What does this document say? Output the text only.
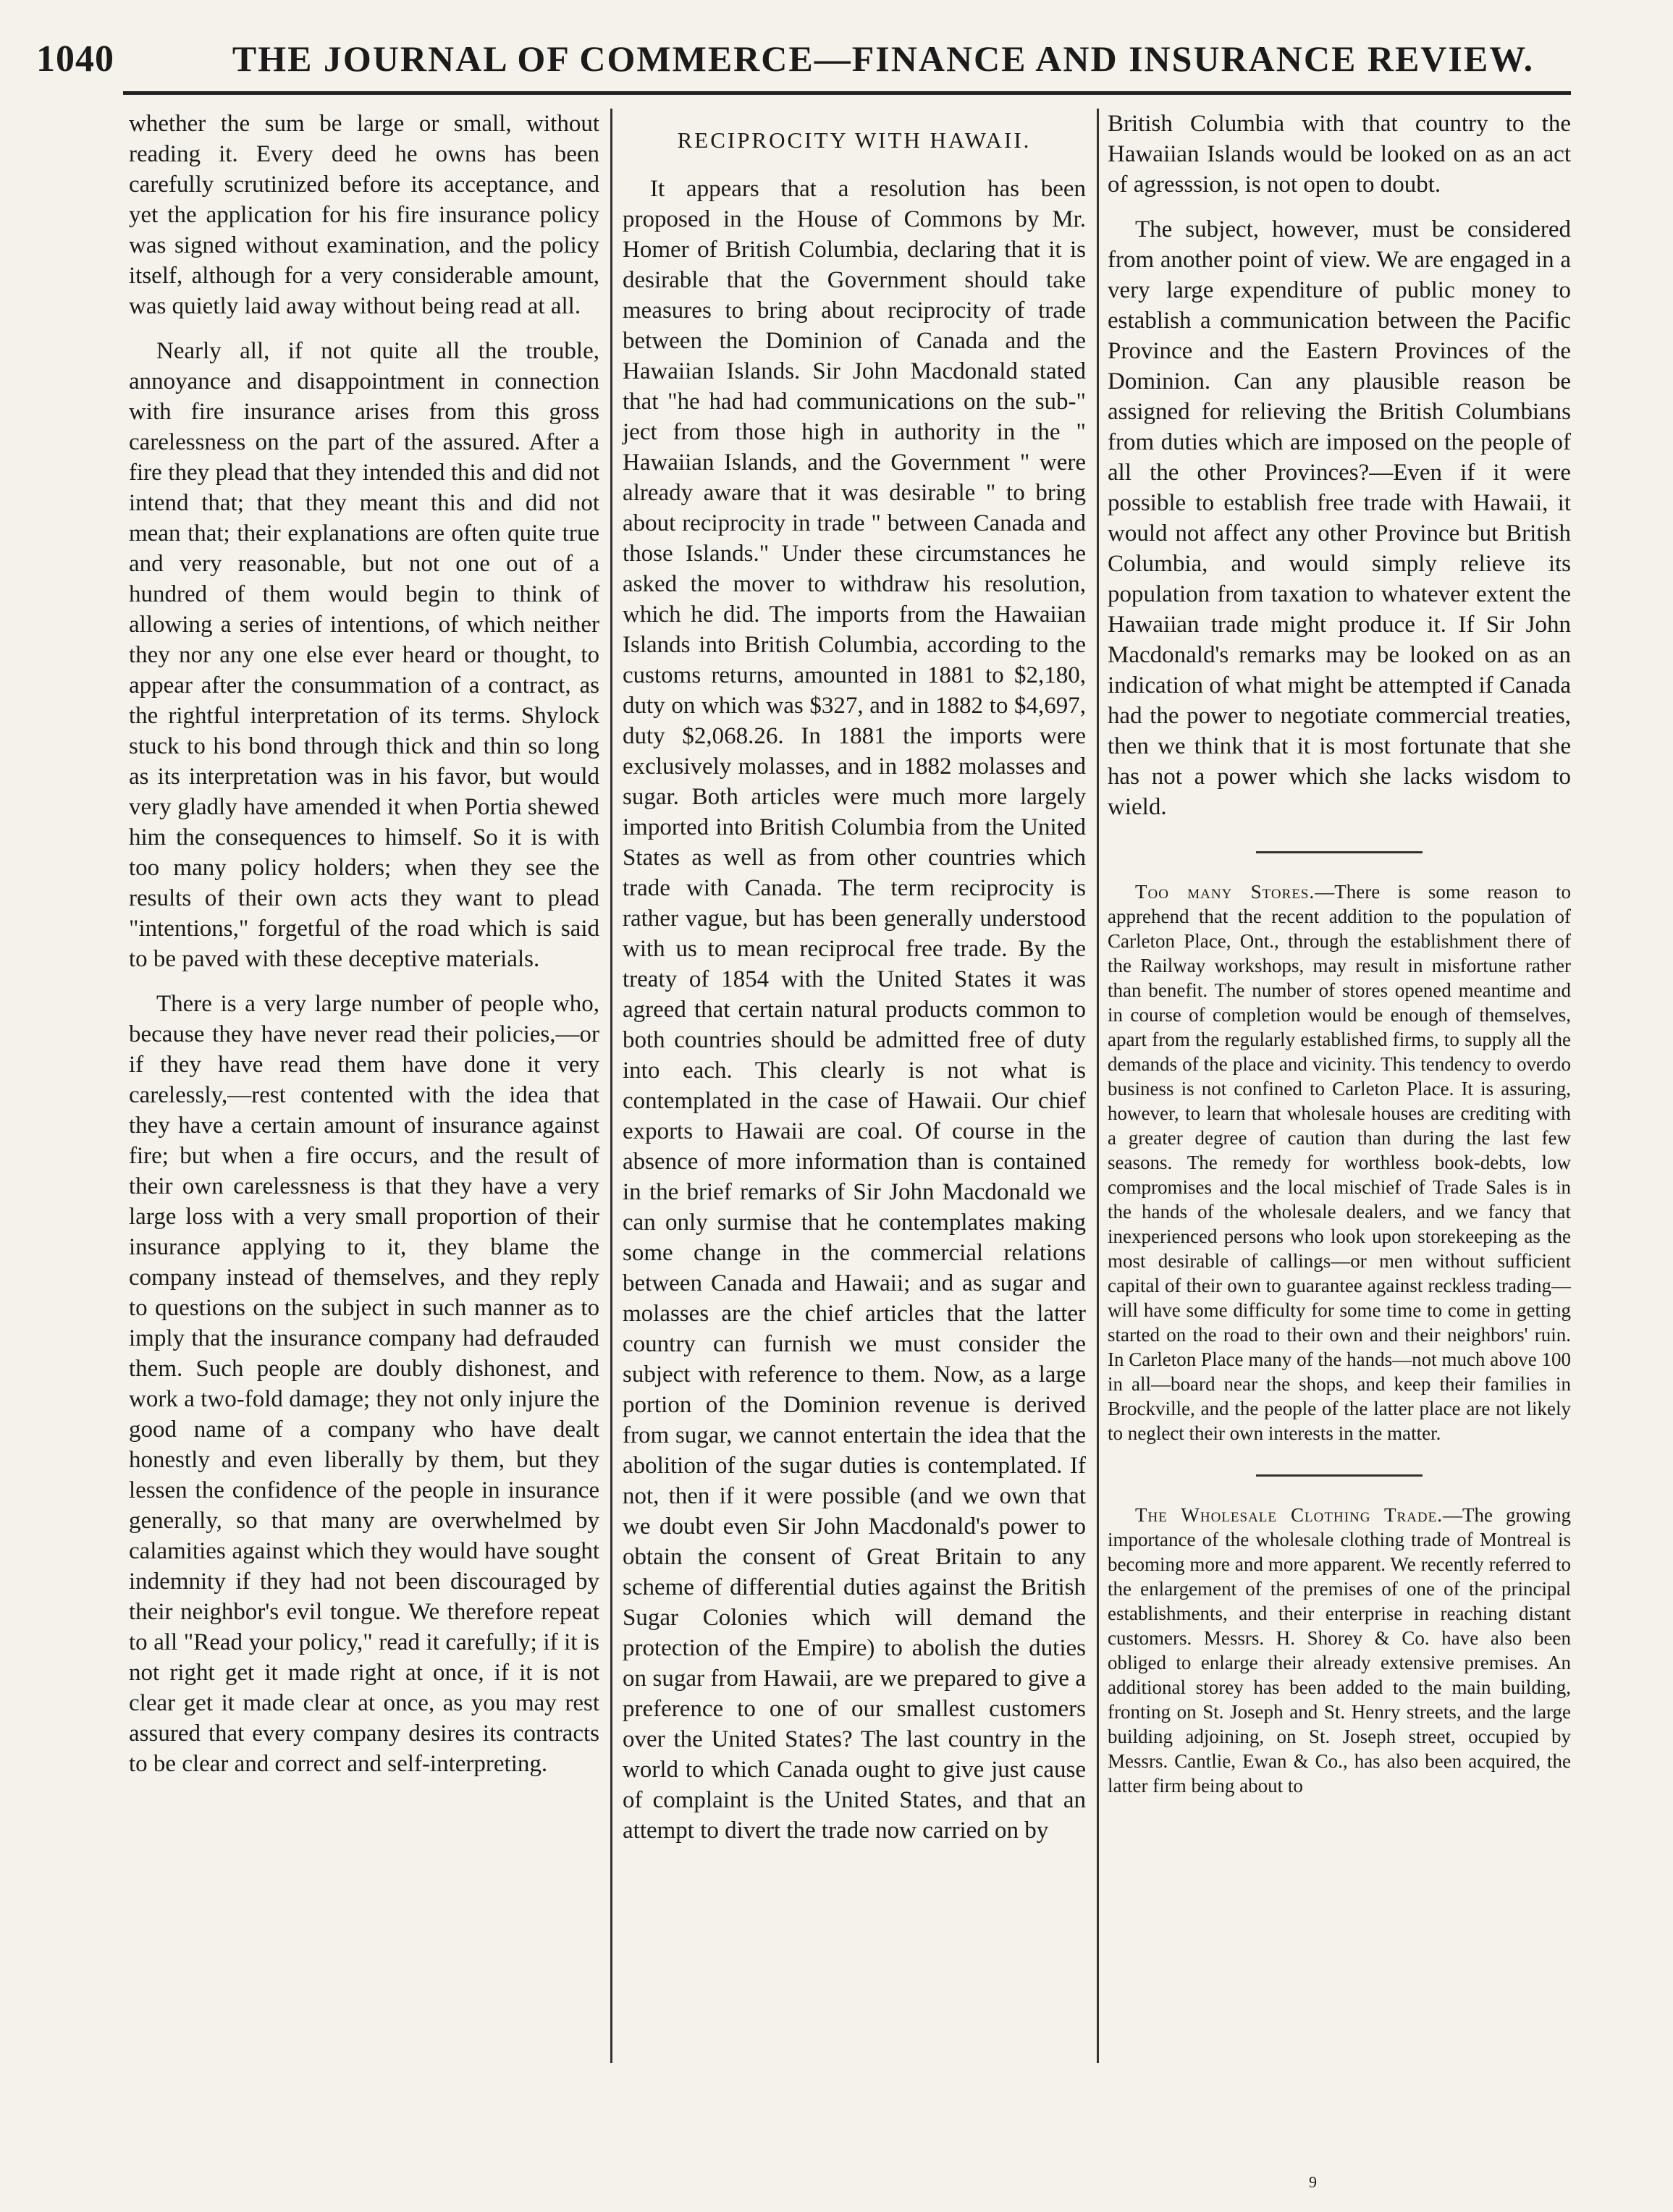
1040	THE JOURNAL OF COMMERCE—FINANCE AND INSURANCE REVIEW.

whether the sum be large or small, without reading it. Every deed he owns has been carefully scrutinized before its acceptance, and yet the application for his fire insurance policy was signed without examination, and the policy itself, although for a very considerable amount, was quietly laid away without being read at all.

Nearly all, if not quite all the trouble, annoyance and disappointment in connection with fire insurance arises from this gross carelessness on the part of the assured. After a fire they plead that they intended this and did not intend that; that they meant this and did not mean that; their explanations are often quite true and very reasonable, but not one out of a hundred of them would begin to think of allowing a series of intentions, of which neither they nor any one else ever heard or thought, to appear after the consummation of a contract, as the rightful interpretation of its terms. Shylock stuck to his bond through thick and thin so long as its interpretation was in his favor, but would very gladly have amended it when Portia shewed him the consequences to himself. So it is with too many policy holders; when they see the results of their own acts they want to plead "intentions," forgetful of the road which is said to be paved with these deceptive materials.

There is a very large number of people who, because they have never read their policies,—or if they have read them have done it very carelessly,—rest contented with the idea that they have a certain amount of insurance against fire; but when a fire occurs, and the result of their own carelessness is that they have a very large loss with a very small proportion of their insurance applying to it, they blame the company instead of themselves, and they reply to questions on the subject in such manner as to imply that the insurance company had defrauded them. Such people are doubly dishonest, and work a two-fold damage; they not only injure the good name of a company who have dealt honestly and even liberally by them, but they lessen the confidence of the people in insurance generally, so that many are overwhelmed by calamities against which they would have sought indemnity if they had not been discouraged by their neighbor's evil tongue. We therefore repeat to all "Read your policy," read it carefully; if it is not right get it made right at once, if it is not clear get it made clear at once, as you may rest assured that every company desires its contracts to be clear and correct and self-interpreting.

RECIPROCITY WITH HAWAII.

It appears that a resolution has been proposed in the House of Commons by Mr. Homer of British Columbia, declaring that it is desirable that the Government should take measures to bring about reciprocity of trade between the Dominion of Canada and the Hawaiian Islands. Sir John Macdonald stated that "he had had communications on the sub-" ject from those high in authority in the " Hawaiian Islands, and the Government " were already aware that it was desirable " to bring about reciprocity in trade " between Canada and those Islands." Under these circumstances he asked the mover to withdraw his resolution, which he did. The imports from the Hawaiian Islands into British Columbia, according to the customs returns, amounted in 1881 to $2,180, duty on which was $327, and in 1882 to $4,697, duty $2,068.26. In 1881 the imports were exclusively molasses, and in 1882 molasses and sugar. Both articles were much more largely imported into British Columbia from the United States as well as from other countries which trade with Canada. The term reciprocity is rather vague, but has been generally understood with us to mean reciprocal free trade. By the treaty of 1854 with the United States it was agreed that certain natural products common to both countries should be admitted free of duty into each. This clearly is not what is contemplated in the case of Hawaii. Our chief exports to Hawaii are coal. Of course in the absence of more information than is contained in the brief remarks of Sir John Macdonald we can only surmise that he contemplates making some change in the commercial relations between Canada and Hawaii; and as sugar and molasses are the chief articles that the latter country can furnish we must consider the subject with reference to them. Now, as a large portion of the Dominion revenue is derived from sugar, we cannot entertain the idea that the abolition of the sugar duties is contemplated. If not, then if it were possible (and we own that we doubt even Sir John Macdonald's power to obtain the consent of Great Britain to any scheme of differential duties against the British Sugar Colonies which will demand the protection of the Empire) to abolish the duties on sugar from Hawaii, are we prepared to give a preference to one of our smallest customers over the United States? The last country in the world to which Canada ought to give just cause of complaint is the United States, and that an attempt to divert the trade now carried on by

British Columbia with that country to the Hawaiian Islands would be looked on as an act of agresssion, is not open to doubt.

The subject, however, must be considered from another point of view. We are engaged in a very large expenditure of public money to establish a communication between the Pacific Province and the Eastern Provinces of the Dominion. Can any plausible reason be assigned for relieving the British Columbians from duties which are imposed on the people of all the other Provinces?—Even if it were possible to establish free trade with Hawaii, it would not affect any other Province but British Columbia, and would simply relieve its population from taxation to whatever extent the Hawaiian trade might produce it. If Sir John Macdonald's remarks may be looked on as an indication of what might be attempted if Canada had the power to negotiate commercial treaties, then we think that it is most fortunate that she has not a power which she lacks wisdom to wield.

Too many Stores.—There is some reason to apprehend that the recent addition to the population of Carleton Place, Ont., through the establishment there of the Railway workshops, may result in misfortune rather than benefit. The number of stores opened meantime and in course of completion would be enough of themselves, apart from the regularly established firms, to supply all the demands of the place and vicinity. This tendency to overdo business is not confined to Carleton Place. It is assuring, however, to learn that wholesale houses are crediting with a greater degree of caution than during the last few seasons. The remedy for worthless book-debts, low compromises and the local mischief of Trade Sales is in the hands of the wholesale dealers, and we fancy that inexperienced persons who look upon storekeeping as the most desirable of callings—or men without sufficient capital of their own to guarantee against reckless trading—will have some difficulty for some time to come in getting started on the road to their own and their neighbors' ruin. In Carleton Place many of the hands—not much above 100 in all—board near the shops, and keep their families in Brockville, and the people of the latter place are not likely to neglect their own interests in the matter.

The Wholesale Clothing Trade.—The growing importance of the wholesale clothing trade of Montreal is becoming more and more apparent. We recently referred to the enlargement of the premises of one of the principal establishments, and their enterprise in reaching distant customers. Messrs. H. Shorey & Co. have also been obliged to enlarge their already extensive premises. An additional storey has been added to the main building, fronting on St. Joseph and St. Henry streets, and the large building adjoining, on St. Joseph street, occupied by Messrs. Cantlie, Ewan & Co., has also been acquired, the latter firm being about to

9
